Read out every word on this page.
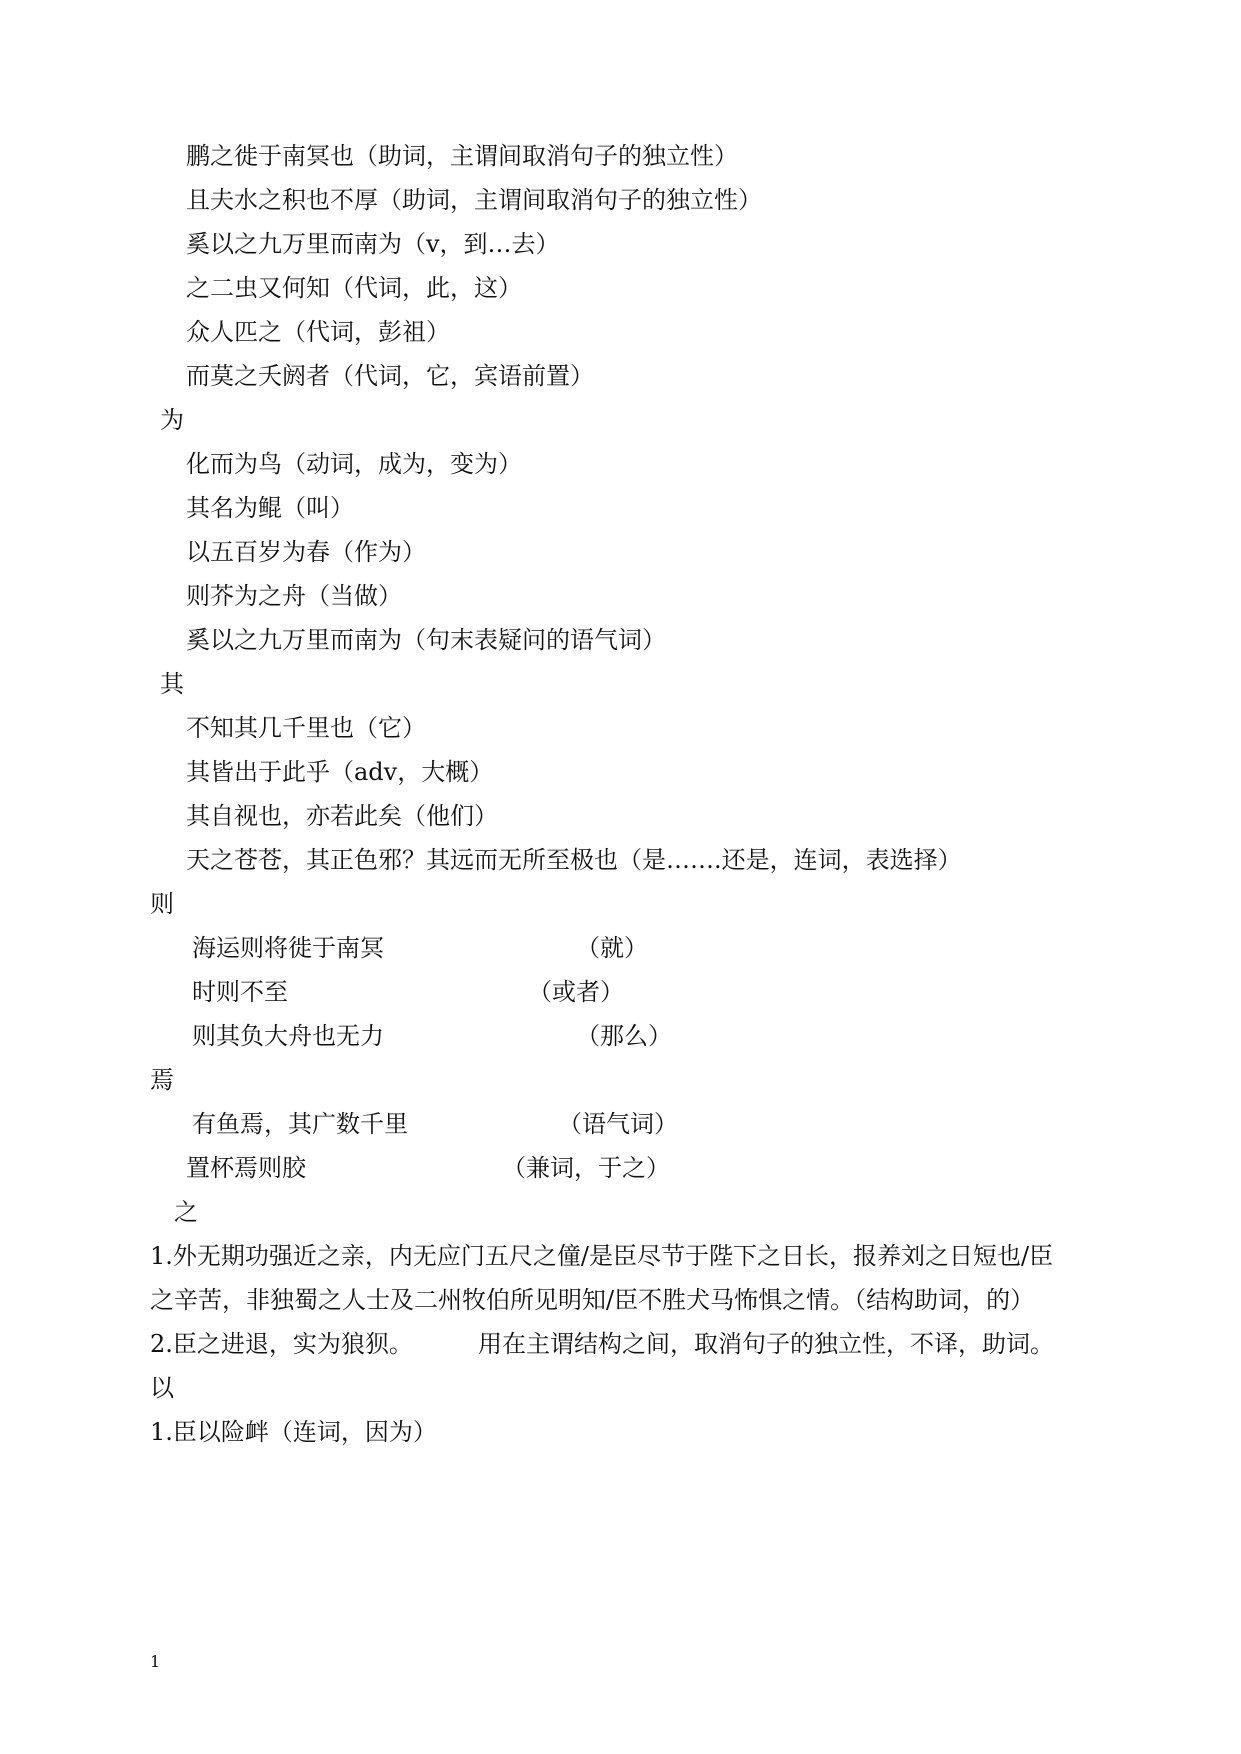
鹏之徙于南冥也（助词，主谓间取消句子的独立性）
且夫水之积也不厚（助词，主谓间取消句子的独立性）
奚以之九万里而南为（v，到…去）
之二虫又何知（代词，此，这）
众人匹之（代词，彭祖）
而莫之夭阏者（代词，它，宾语前置）
为
化而为鸟（动词，成为，变为）
其名为鲲（叫）
以五百岁为春（作为）
则芥为之舟（当做）
奚以之九万里而南为（句末表疑问的语气词）
其
不知其几千里也（它）
其皆出于此乎（adv，大概）
其自视也，亦若此矣（他们）
天之苍苍，其正色邪？其远而无所至极也（是…….还是，连词，表选择）
则
海运则将徙于南冥	（就）
时则不至	（或者）
则其负大舟也无力	（那么）
焉
有鱼焉，其广数千里	（语气词）
置杯焉则胶	（兼词，于之）
之
1.外无期功强近之亲，内无应门五尺之僮/是臣尽节于陛下之日长，报养刘之日短也/臣
之辛苦，非独蜀之人士及二州牧伯所见明知/臣不胜犬马怖惧之情。（结构助词，的）
2.臣之进退，实为狼狈。	用在主谓结构之间，取消句子的独立性，不译，助词。
以
1.臣以险衅（连词，因为）
1
